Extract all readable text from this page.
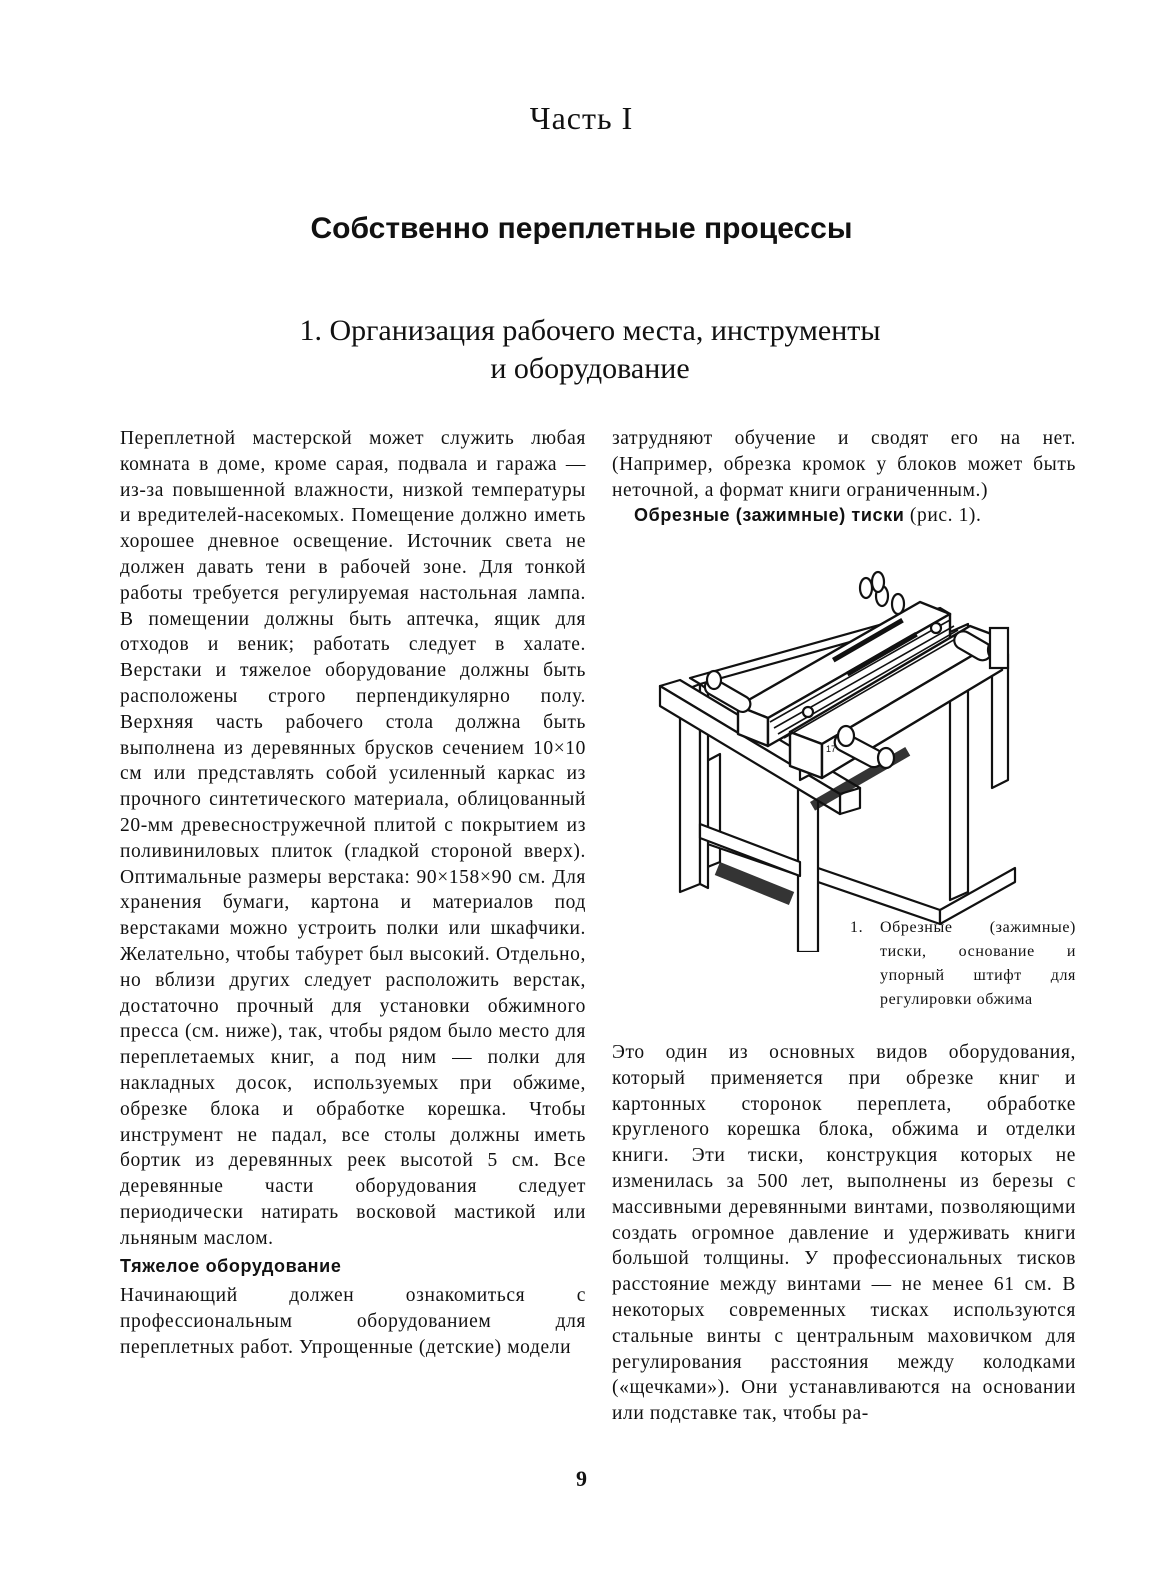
Часть I
Собственно переплетные процессы
1. Организация рабочего места, инструменты
и оборудование

Переплетной мастерской может служить любая комната в доме, кроме сарая, подвала и гаража — из-за повышенной влажности, низкой температуры и вредителей-насекомых. Помещение должно иметь хорошее дневное освещение. Источник света не должен давать тени в рабочей зоне. Для тонкой работы требуется регулируемая настольная лампа. В помещении должны быть аптечка, ящик для отходов и веник; работать следует в халате. Верстаки и тяжелое оборудование должны быть расположены строго перпендикулярно полу. Верхняя часть рабочего стола должна быть выполнена из деревянных брусков сечением 10×10 см или представлять собой усиленный каркас из прочного синтетического материала, облицованный 20-мм древесностружечной плитой с покрытием из поливиниловых плиток (гладкой стороной вверх). Оптимальные размеры верстака: 90×158×90 см. Для хранения бумаги, картона и материалов под верстаками можно устроить полки или шкафчики. Желательно, чтобы табурет был высокий. Отдельно, но вблизи других следует расположить верстак, достаточно прочный для установки обжимного пресса (см. ниже), так, чтобы рядом было место для переплетаемых книг, а под ним — полки для накладных досок, используемых при обжиме, обрезке блока и обработке корешка. Чтобы инструмент не падал, все столы должны иметь бортик из деревянных реек высотой 5 см. Все деревянные части оборудования следует периодически натирать восковой мастикой или льняным маслом.

Тяжелое оборудование

Начинающий должен ознакомиться с профессиональным оборудованием для переплетных работ. Упрощенные (детские) модели

затрудняют обучение и сводят его на нет. (Например, обрезка кромок у блоков может быть неточной, а формат книги ограниченным.)

Обрезные (зажимные) тиски (рис. 1).

17
1.	Обрезные (зажимные) тиски, основание и упорный штифт для регулировки обжима

Это один из основных видов оборудования, который применяется при обрезке книг и картонных сторонок переплета, обработке кругленого корешка блока, обжима и отделки книги. Эти тиски, конструкция которых не изменилась за 500 лет, выполнены из березы с массивными деревянными винтами, позволяющими создать огромное давление и удерживать книги большой толщины. У профессиональных тисков расстояние между винтами — не менее 61 см. В некоторых современных тисках используются стальные винты с центральным маховичком для регулирования расстояния между колодками («щечками»). Они устанавливаются на основании или подставке так, чтобы ра-

9
